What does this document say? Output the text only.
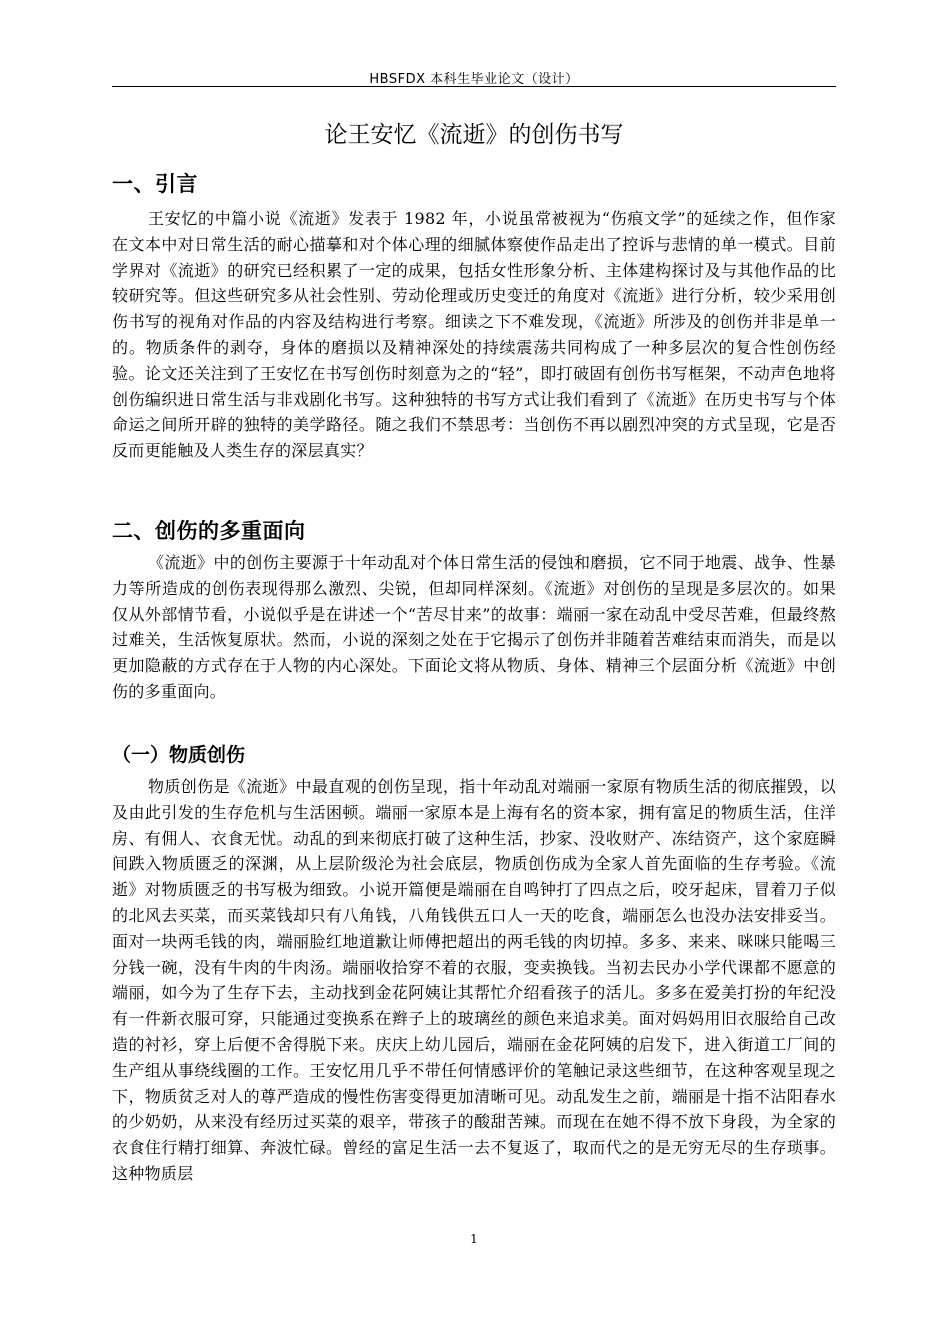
HBSFDX 本科生毕业论文（设计）
论王安忆《流逝》的创伤书写
一、引言
王安忆的中篇小说《流逝》发表于 1982 年，小说虽常被视为“伤痕文学”的延续之作，但作家在文本中对日常生活的耐心描摹和对个体心理的细腻体察使作品走出了控诉与悲情的单一模式。目前学界对《流逝》的研究已经积累了一定的成果，包括女性形象分析、主体建构探讨及与其他作品的比较研究等。但这些研究多从社会性别、劳动伦理或历史变迁的角度对《流逝》进行分析，较少采用创伤书写的视角对作品的内容及结构进行考察。细读之下不难发现，《流逝》所涉及的创伤并非是单一的。物质条件的剥夺，身体的磨损以及精神深处的持续震荡共同构成了一种多层次的复合性创伤经验。论文还关注到了王安忆在书写创伤时刻意为之的“轻”，即打破固有创伤书写框架，不动声色地将创伤编织进日常生活与非戏剧化书写。这种独特的书写方式让我们看到了《流逝》在历史书写与个体命运之间所开辟的独特的美学路径。随之我们不禁思考：当创伤不再以剧烈冲突的方式呈现，它是否反而更能触及人类生存的深层真实？
二、创伤的多重面向
《流逝》中的创伤主要源于十年动乱对个体日常生活的侵蚀和磨损，它不同于地震、战争、性暴力等所造成的创伤表现得那么激烈、尖锐，但却同样深刻。《流逝》对创伤的呈现是多层次的。如果仅从外部情节看，小说似乎是在讲述一个“苦尽甘来”的故事：端丽一家在动乱中受尽苦难，但最终熬过难关，生活恢复原状。然而，小说的深刻之处在于它揭示了创伤并非随着苦难结束而消失，而是以更加隐蔽的方式存在于人物的内心深处。下面论文将从物质、身体、精神三个层面分析《流逝》中创伤的多重面向。
（一）物质创伤
物质创伤是《流逝》中最直观的创伤呈现，指十年动乱对端丽一家原有物质生活的彻底摧毁，以及由此引发的生存危机与生活困顿。端丽一家原本是上海有名的资本家，拥有富足的物质生活，住洋房、有佣人、衣食无忧。动乱的到来彻底打破了这种生活，抄家、没收财产、冻结资产，这个家庭瞬间跌入物质匮乏的深渊，从上层阶级沦为社会底层，物质创伤成为全家人首先面临的生存考验。《流逝》对物质匮乏的书写极为细致。小说开篇便是端丽在自鸣钟打了四点之后，咬牙起床，冒着刀子似的北风去买菜，而买菜钱却只有八角钱，八角钱供五口人一天的吃食，端丽怎么也没办法安排妥当。面对一块两毛钱的肉，端丽脸红地道歉让师傅把超出的两毛钱的肉切掉。多多、来来、咪咪只能喝三分钱一碗，没有牛肉的牛肉汤。端丽收拾穿不着的衣服，变卖换钱。当初去民办小学代课都不愿意的端丽，如今为了生存下去，主动找到金花阿姨让其帮忙介绍看孩子的活儿。多多在爱美打扮的年纪没有一件新衣服可穿，只能通过变换系在辫子上的玻璃丝的颜色来追求美。面对妈妈用旧衣服给自己改造的衬衫，穿上后便不舍得脱下来。庆庆上幼儿园后，端丽在金花阿姨的启发下，进入街道工厂间的生产组从事绕线圈的工作。王安忆用几乎不带任何情感评价的笔触记录这些细节，在这种客观呈现之下，物质贫乏对人的尊严造成的慢性伤害变得更加清晰可见。动乱发生之前，端丽是十指不沾阳春水的少奶奶，从来没有经历过买菜的艰辛，带孩子的酸甜苦辣。而现在在她不得不放下身段，为全家的衣食住行精打细算、奔波忙碌。曾经的富足生活一去不复返了，取而代之的是无穷无尽的生存琐事。这种物质层
1
